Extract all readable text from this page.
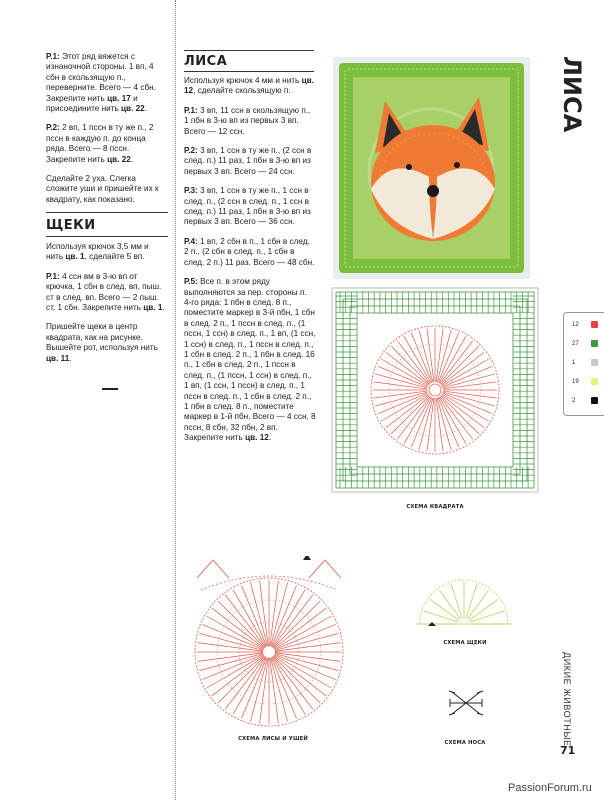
Р.1: Этот ряд вяжется с изнаночной стороны. 1 вп, 4 сбн в скользящую п., переверните. Всего — 4 сбн. Закрепите нить цв. 17 и присоедините нить цв. 22.

Р.2: 2 вп, 1 пссн в ту же п., 2 пссн в каждую п. до конца ряда. Всего — 8 пссн. Закрепите нить цв. 22.

Сделайте 2 уха. Слегка сложите уши и пришейте их к квадрату, как показано.

ЩЕКИ

Используя крючок 3,5 мм и нить цв. 1, сделайте 5 вп.

Р.1: 4 ссн вм в 3-ю вп от крючка, 1 сбн в след. вп, пыш. ст в след. вп. Всего — 2 пыш. ст, 1 сбн. Закрепите нить цв. 1.

Пришейте щеки в центр квадрата, как на рисунке. Вышейте рот, используя нить цв. 11.

ЛИСА

Используя крючок 4 мм и нить цв. 12, сделайте скользящую п.

Р.1: 3 вп, 11 ссн в скользящую п., 1 пбн в 3-ю вп из первых 3 вп. Всего — 12 ссн.

Р.2: 3 вп, 1 ссн в ту же п., (2 ссн в след. п.) 11 раз, 1 пбн в 3-ю вп из первых 3 вп. Всего — 24 ссн.

Р.3: 3 вп, 1 ссн в ту же п., 1 ссн в след. п., (2 ссн в след. п., 1 ссн в след. п.) 11 раз, 1 пбн в 3-ю вп из первых 3 вп. Всего — 36 ссн.

Р.4: 1 вп, 2 сбн в п., 1 сбн в след. 2 п., (2 сбн в след. п., 1 сбн в след. 2 п.) 11 раз. Всего — 48 сбн.

Р.5: Все п. в этом ряду выполняются за пер. стороны п. 4-го ряда: 1 пбн в след. 8 п., поместите маркер в 3-й пбн, 1 сбн в след. 2 п., 1 пссн в след. п., (1 пссн, 1 ссн) в след. п., 1 вп, (1 ссн, 1 ссн) в след. п., 1 пссн в след. п., 1 сбн в след. 2 п., 1 пбн в след. 16 п., 1 сбн в след. 2 п., 1 пссн в след. п., (1 пссн, 1 ссн) в след. п., 1 вп, (1 ссн, 1 пссн) в след. п., 1 пссн в след. п., 1 сбн в след. 2 п., 1 пбн в след. 8 п., поместите маркер в 1-й пбн. Всего — 4 ссн, 8 пссн, 8 сбн, 32 пбн, 2 вп. Закрепите нить цв. 12.

ЛИСА
12
27
1
19
2
СХЕМА КВАДРАТА
СХЕМА ЛИСЫ И УШЕЙ
СХЕМА ЩЕКИ
СХЕМА НОСА	ДИКИЕ ЖИВОТНЫЕ
71
PassionForum.ru
